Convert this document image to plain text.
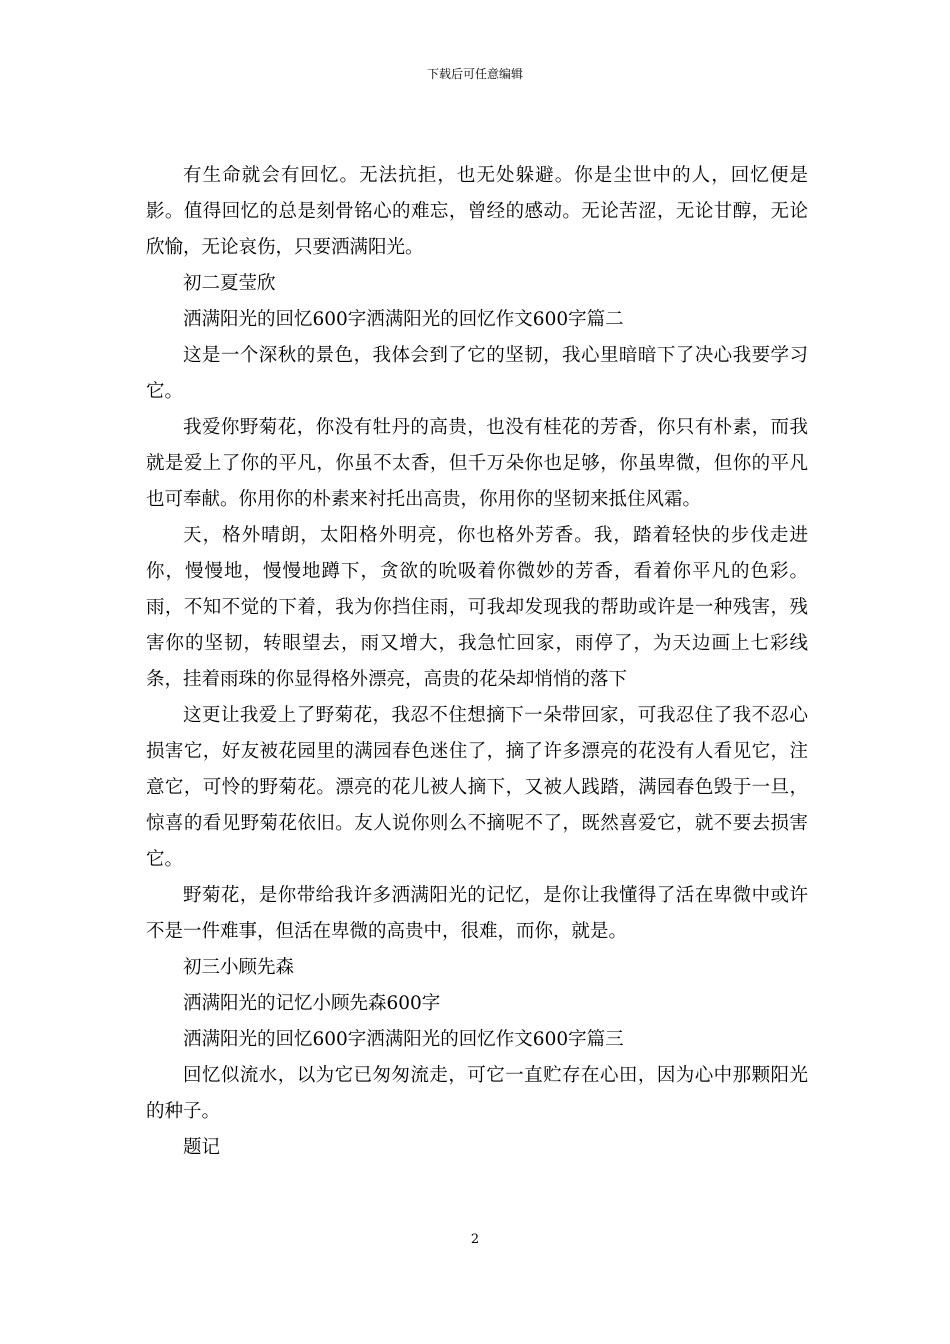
下载后可任意编辑

有生命就会有回忆。无法抗拒，也无处躲避。你是尘世中的人，回忆便是影。值得回忆的总是刻骨铭心的难忘，曾经的感动。无论苦涩，无论甘醇，无论欣愉，无论哀伤，只要洒满阳光。

初二夏莹欣

洒满阳光的回忆600字洒满阳光的回忆作文600字篇二

这是一个深秋的景色，我体会到了它的坚韧，我心里暗暗下了决心我要学习它。

我爱你野菊花，你没有牡丹的高贵，也没有桂花的芳香，你只有朴素，而我就是爱上了你的平凡，你虽不太香，但千万朵你也足够，你虽卑微，但你的平凡也可奉献。你用你的朴素来衬托出高贵，你用你的坚韧来抵住风霜。

天，格外晴朗，太阳格外明亮，你也格外芳香。我，踏着轻快的步伐走进你，慢慢地，慢慢地蹲下，贪欲的吮吸着你微妙的芳香，看着你平凡的色彩。雨，不知不觉的下着，我为你挡住雨，可我却发现我的帮助或许是一种残害，残害你的坚韧，转眼望去，雨又增大，我急忙回家，雨停了，为天边画上七彩线条，挂着雨珠的你显得格外漂亮，高贵的花朵却悄悄的落下

这更让我爱上了野菊花，我忍不住想摘下一朵带回家，可我忍住了我不忍心损害它，好友被花园里的满园春色迷住了，摘了许多漂亮的花没有人看见它，注意它，可怜的野菊花。漂亮的花儿被人摘下，又被人践踏，满园春色毁于一旦，惊喜的看见野菊花依旧。友人说你则么不摘呢不了，既然喜爱它，就不要去损害它。

野菊花，是你带给我许多洒满阳光的记忆，是你让我懂得了活在卑微中或许不是一件难事，但活在卑微的高贵中，很难，而你，就是。

初三小顾先森

洒满阳光的记忆小顾先森600字

洒满阳光的回忆600字洒满阳光的回忆作文600字篇三

回忆似流水，以为它已匆匆流走，可它一直贮存在心田，因为心中那颗阳光的种子。

题记

2
